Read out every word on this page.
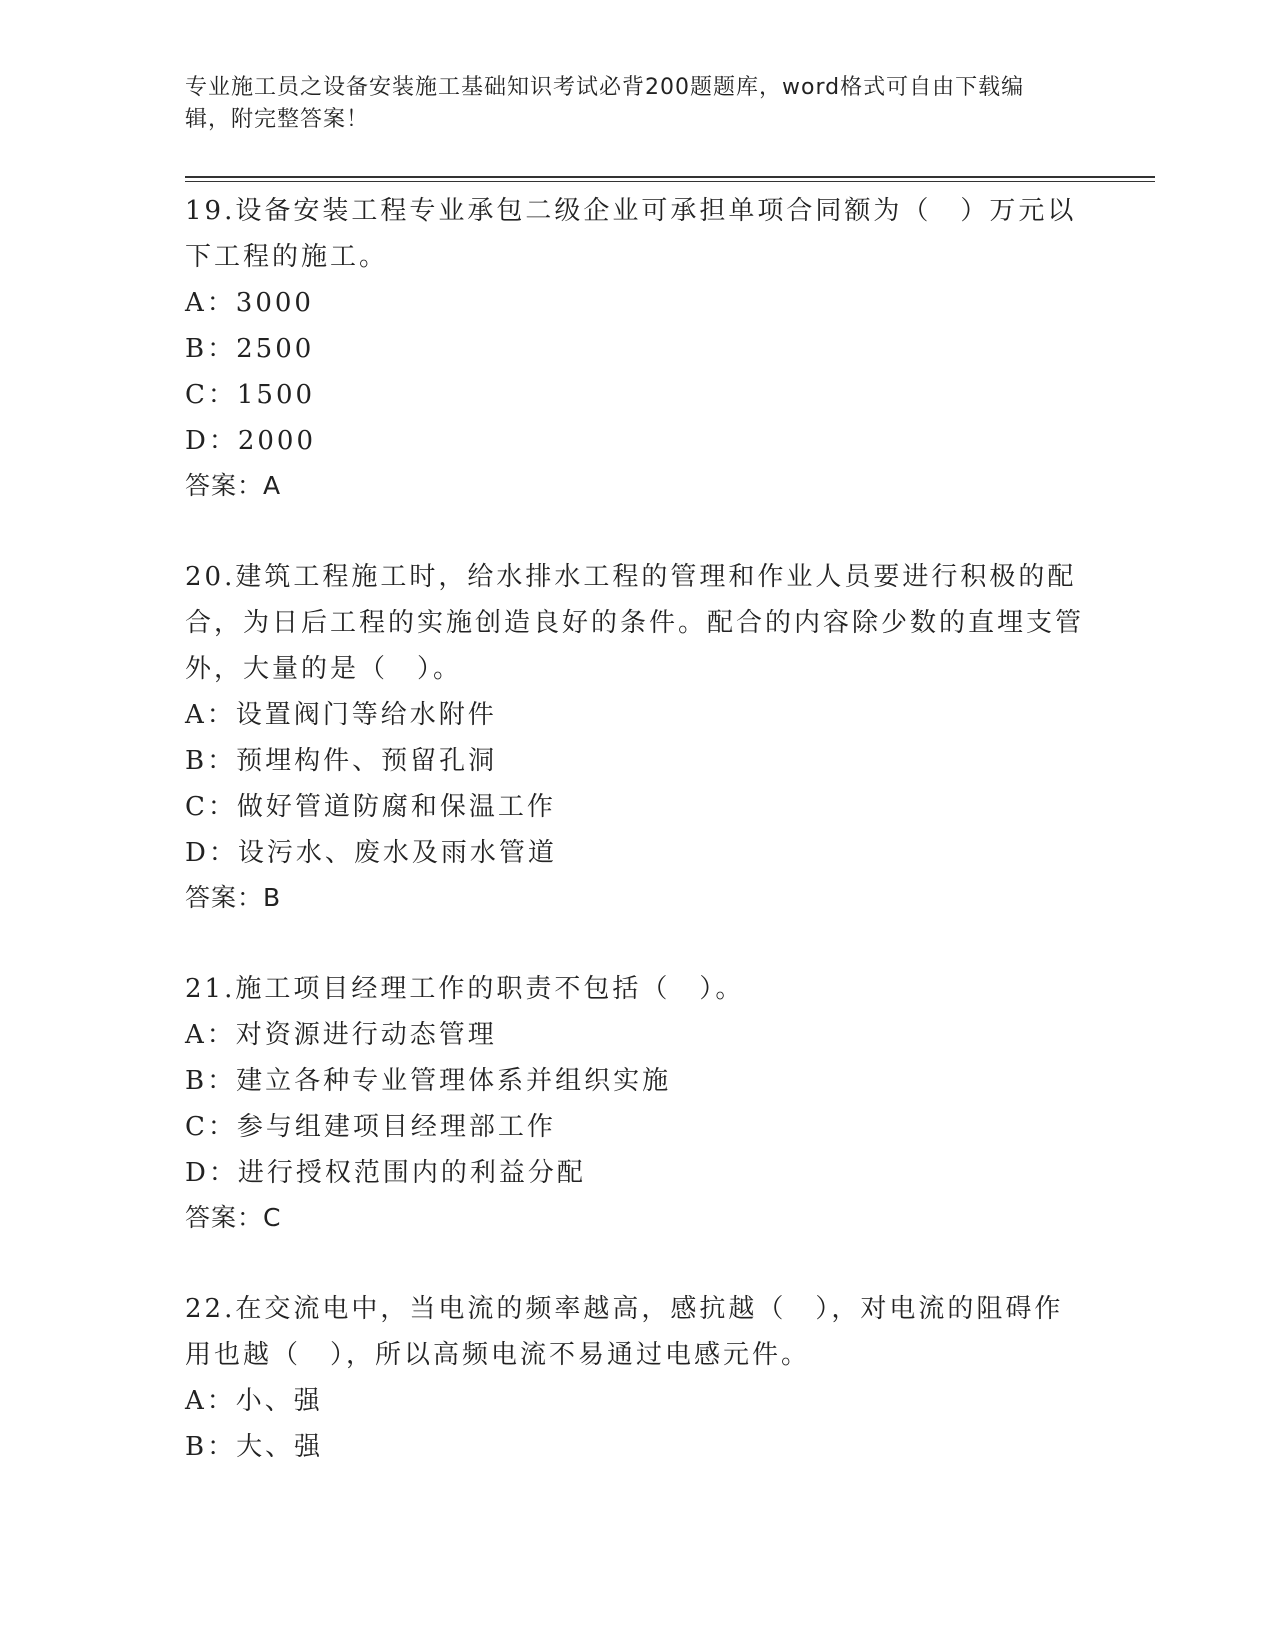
专业施工员之设备安装施工基础知识考试必背200题题库，word格式可自由下载编辑，附完整答案！

19.设备安装工程专业承包二级企业可承担单项合同额为（　）万元以下工程的施工。

A：3000

B：2500

C：1500

D：2000

答案：A

20.建筑工程施工时，给水排水工程的管理和作业人员要进行积极的配合，为日后工程的实施创造良好的条件。配合的内容除少数的直埋支管外，大量的是（　）。

A：设置阀门等给水附件

B：预埋构件、预留孔洞

C：做好管道防腐和保温工作

D：设污水、废水及雨水管道

答案：B

21.施工项目经理工作的职责不包括（　）。

A：对资源进行动态管理

B：建立各种专业管理体系并组织实施

C：参与组建项目经理部工作

D：进行授权范围内的利益分配

答案：C

22.在交流电中，当电流的频率越高，感抗越（　），对电流的阻碍作用也越（　），所以高频电流不易通过电感元件。

A：小、强

B：大、强
